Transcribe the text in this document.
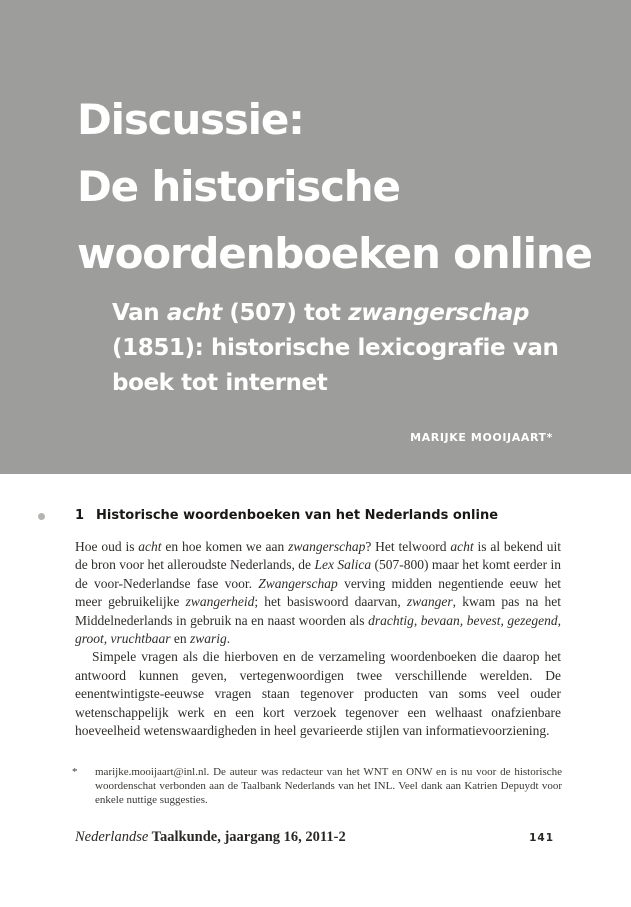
Discussie:
De historische
woordenboeken online
Van acht (507) tot zwangerschap (1851): historische lexicografie van boek tot internet
MARIJKE MOOIJAART*
1 Historische woordenboeken van het Nederlands online

Hoe oud is acht en hoe komen we aan zwangerschap? Het telwoord acht is al bekend uit de bron voor het alleroudste Nederlands, de Lex Salica (507-800) maar het komt eerder in de voor-Nederlandse fase voor. Zwangerschap verving midden negentiende eeuw het meer gebruikelijke zwangerheid; het basiswoord daarvan, zwanger, kwam pas na het Middelnederlands in gebruik na en naast woorden als drachtig, bevaan, bevest, gezegend, groot, vruchtbaar en zwarig.

Simpele vragen als die hierboven en de verzameling woordenboeken die daarop het antwoord kunnen geven, vertegenwoordigen twee verschillende werelden. De eenentwintigste-eeuwse vragen staan tegenover producten van soms veel ouder wetenschappelijk werk en een kort verzoek tegenover een welhaast onafzienbare hoeveelheid wetenswaardigheden in heel gevarieerde stijlen van informatievoorziening.

*	marijke.mooijaart@inl.nl. De auteur was redacteur van het WNT en ONW en is nu voor de historische woordenschat verbonden aan de Taalbank Nederlands van het INL. Veel dank aan Katrien Depuydt voor enkele nuttige suggesties.
Nederlandse Taalkunde, jaargang 16, 2011-2	141
